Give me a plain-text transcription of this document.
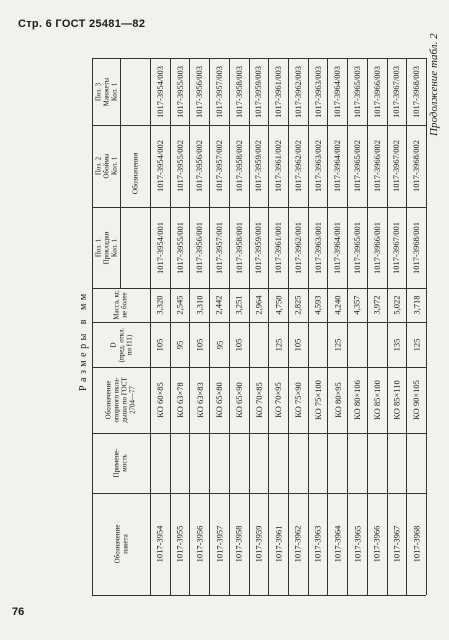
Стр. 6 ГОСТ 25481—82
Продолжение табл. 2
Размеры в мм
76
Обозначения
Поз. 3
Манжеты
Кол. 1
Поз. 2
Обоймы
Кол. 1
Поз. 1
Прокладки
Кол. 1
Масса, кг,
не более
D
(пред. откл.
по f11)
Обозначение
опорного вкла-
дыша по ГОСТ
2704—77
Примене-
мость
Обозначение
пакета
1017-3954/003
1017-3954/002
1017-3954/001
3,320
105
КО 60×85
1017-3954
1017-3955/003
1017-3955/002
1017-3955/001
2,545
95
КО 63×78
1017-3955
1017-3956/003
1017-3956/002
1017-3956/001
3,310
105
КО 63×83
1017-3956
1017-3957/003
1017-3957/002
1017-3957/001
2,442
95
КО 65×80
1017-3957
1017-3958/003
1017-3958/002
1017-3958/001
3,251
105
КО 65×90
1017-3958
1017-3959/003
1017-3959/002
1017-3959/001
2,964
КО 70×85
1017-3959
1017-3961/003
1017-3961/002
1017-3961/001
4,750
125
КО 70×95
1017-3961
1017-3962/003
1017-3962/002
1017-3962/001
2,825
105
КО 75×90
1017-3962
1017-3963/003
1017-3963/002
1017-3963/001
4,593
КО 75×100
1017-3963
1017-3964/003
1017-3964/002
1017-3964/001
4,240
125
КО 80×95
1017-3964
1017-3965/003
1017-3965/002
1017-3965/001
4,357
КО 80×106
1017-3965
1017-3966/003
1017-3966/002
1017-3966/001
3,972
КО 85×100
1017-3966
1017-3967/003
1017-3967/002
1017-3967/001
5,022
135
КО 85×110
1017-3967
1017-3968/003
1017-3968/002
1017-3968/001
3,718
125
КО 90×105
1017-3968
